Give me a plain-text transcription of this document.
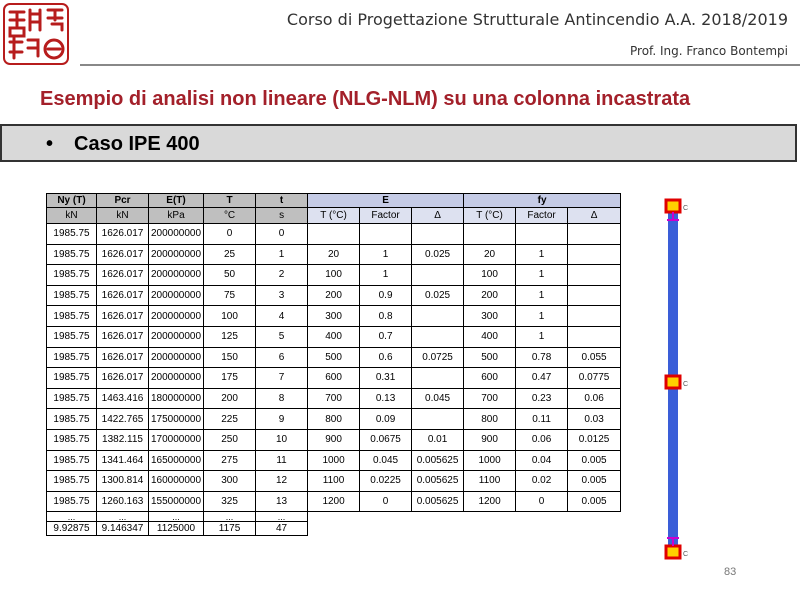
Corso di Progettazione Strutturale Antincendio A.A. 2018/2019
Prof. Ing. Franco Bontempi
Esempio di analisi non lineare (NLG-NLM) su una colonna incastrata
• Caso IPE 400
Ny (T)	Pcr	E(T)	T	t	E			fy		
kN	kN	kPa	°C	s	T (°C)	Factor	Δ	T (°C)	Factor	Δ
1985.75	1626.017	200000000	0	0						
1985.75	1626.017	200000000	25	1	20	1	0.025	20	1	
1985.75	1626.017	200000000	50	2	100	1		100	1	
1985.75	1626.017	200000000	75	3	200	0.9	0.025	200	1	
1985.75	1626.017	200000000	100	4	300	0.8		300	1	
1985.75	1626.017	200000000	125	5	400	0.7		400	1	
1985.75	1626.017	200000000	150	6	500	0.6	0.0725	500	0.78	0.055
1985.75	1626.017	200000000	175	7	600	0.31		600	0.47	0.0775
1985.75	1463.416	180000000	200	8	700	0.13	0.045	700	0.23	0.06
1985.75	1422.765	175000000	225	9	800	0.09		800	0.11	0.03
1985.75	1382.115	170000000	250	10	900	0.0675	0.01	900	0.06	0.0125
1985.75	1341.464	165000000	275	11	1000	0.045	0.005625	1000	0.04	0.005
1985.75	1300.814	160000000	300	12	1100	0.0225	0.005625	1100	0.02	0.005
1985.75	1260.163	155000000	325	13	1200	0	0.005625	1200	0	0.005
...	...	...	...	...						
9.92875	9.146347	1125000	1175	47						
C
C
C
83
